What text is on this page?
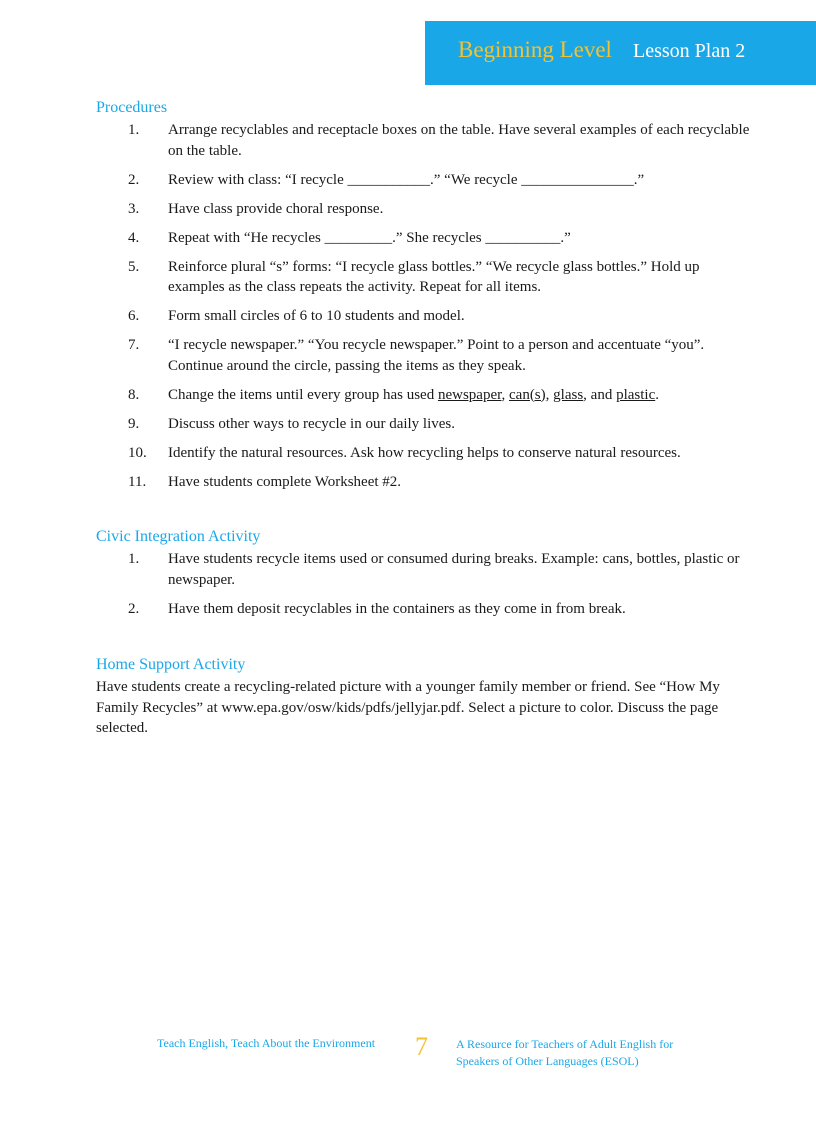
Beginning Level Lesson Plan 2
Procedures
1.	Arrange recyclables and receptacle boxes on the table. Have several examples of each recyclable on the table.
2.	Review with class: “I recycle ___________.” “We recycle _______________.”
3.	Have class provide choral response.
4.	Repeat with “He recycles _________.” She recycles __________.”
5.	Reinforce plural “s” forms: “I recycle glass bottles.” “We recycle glass bottles.” Hold up examples as the class repeats the activity. Repeat for all items.
6.	Form small circles of 6 to 10 students and model.
7.	“I recycle newspaper.” “You recycle newspaper.” Point to a person and accentuate “you”. Continue around the circle, passing the items as they speak.
8.	Change the items until every group has used newspaper, can(s), glass, and plastic.
9.	Discuss other ways to recycle in our daily lives.
10.	Identify the natural resources. Ask how recycling helps to conserve natural resources.
11.	Have students complete Worksheet #2.
Civic Integration Activity
1.	Have students recycle items used or consumed during breaks. Example: cans, bottles, plastic or newspaper.
2.	Have them deposit recyclables in the containers as they come in from break.
Home Support Activity
Have students create a recycling-related picture with a younger family member or friend. See “How My Family Recycles” at www.epa.gov/osw/kids/pdfs/jellyjar.pdf. Select a picture to color. Discuss the page selected.
Teach English, Teach About the Environment 7 A Resource for Teachers of Adult English for Speakers of Other Languages (ESOL)
